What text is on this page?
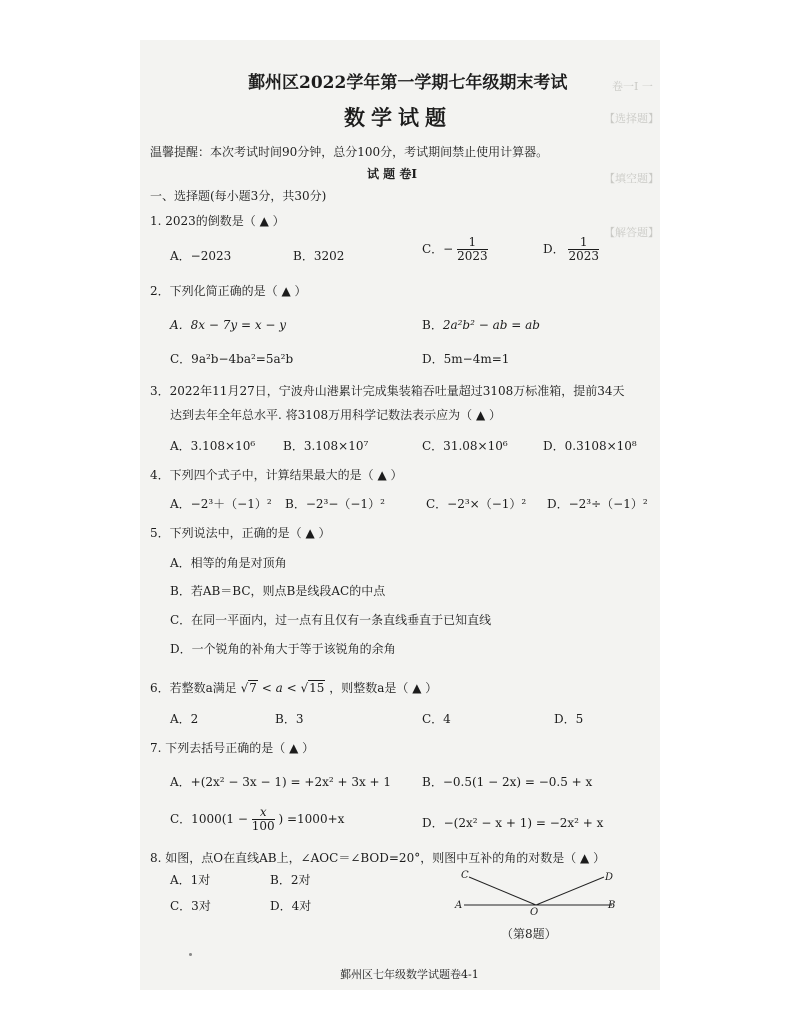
卷一Ⅰ 一
【选择题】
【填空题】
【解答题】
鄞州区2022学年第一学期七年级期末考试
数学试题
温馨提醒：本次考试时间90分钟，总分100分，考试期间禁止使用计算器。
试 题 卷Ⅰ
一、选择题(每小题3分，共30分)
1. 2023的倒数是（ ▲ ）
A．−2023	B．3202	C．− $\frac{1}{2023}$	D． $\frac{1}{2023}$
2．下列化简正确的是（ ▲ ）
A．8x − 7y = x − y	B．2a²b² − ab = ab
C．9a²b−4ba²=5a²b	D．5m−4m=1
3．2022年11月27日，宁波舟山港累计完成集装箱吞吐量超过3108万标准箱，提前34天
达到去年全年总水平. 将3108万用科学记数法表示应为（ ▲ ）
A．3.108×10⁶ B．3.108×10⁷	C．31.08×10⁶	D．0.3108×10⁸
4．下列四个式子中，计算结果最大的是（ ▲ ）
A．−2³＋（−1）² B．−2³−（−1）²	C．−2³×（−1）² D．−2³÷（−1）²
5．下列说法中，正确的是（ ▲ ）
A．相等的角是对顶角
B．若AB＝BC，则点B是线段AC的中点
C．在同一平面内，过一点有且仅有一条直线垂直于已知直线
D．一个锐角的补角大于等于该锐角的余角
6．若整数a满足 √7 < a < √15 ，则整数a是（ ▲ ）
A．2	B．3	C．4	D．5
7. 下列去括号正确的是（ ▲ ）
A．+(2x² − 3x − 1) = +2x² + 3x + 1	B．−0.5(1 − 2x) = −0.5 + x
C．$1000(1 - \frac{x}{100}$ ) =1000+x	D．−(2x² − x + 1) = −2x² + x
8. 如图，点O在直线AB上，∠AOC＝∠BOD=20°，则图中互补的角的对数是（ ▲ ）
A．1对	B．2对
C．3对	D．4对
C	D
A
O
B
（第8题）
鄞州区七年级数学试题卷4-1
